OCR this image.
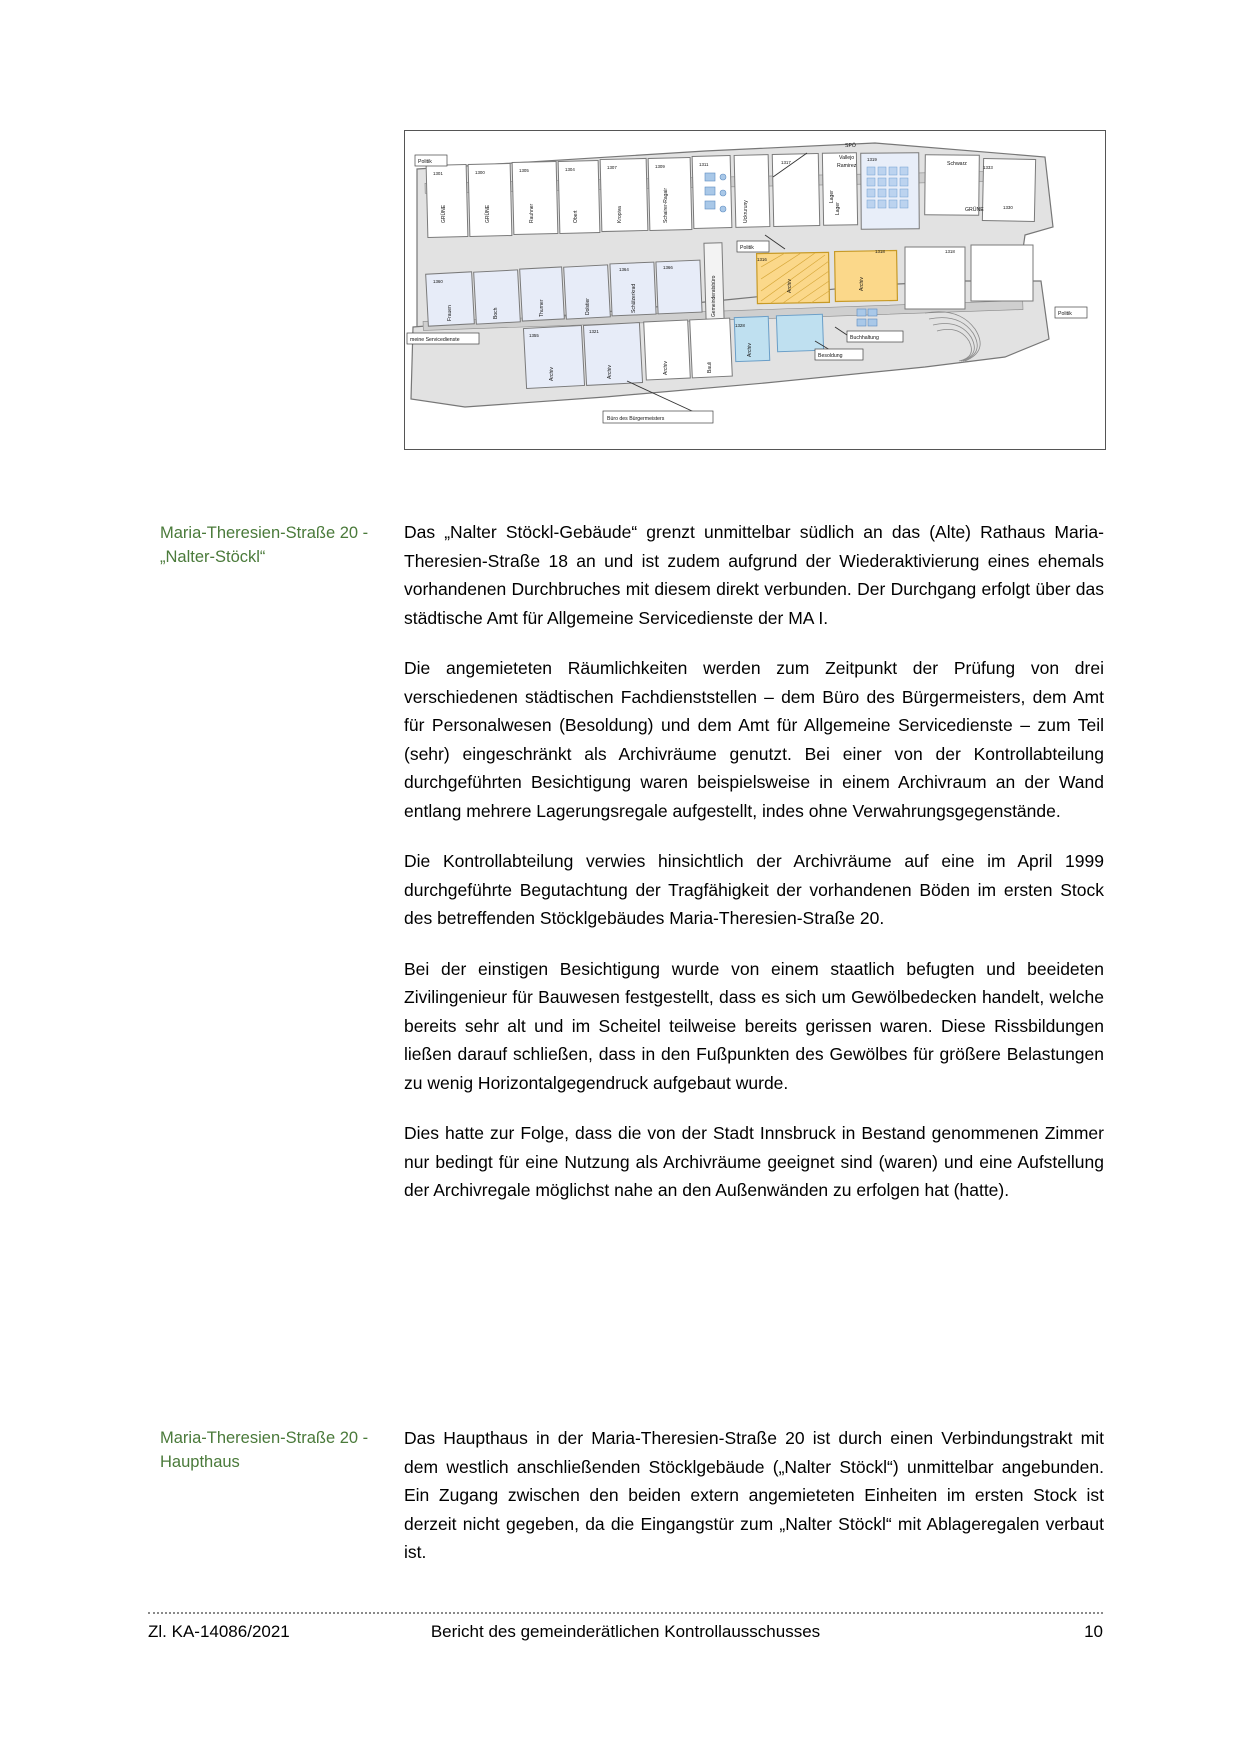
Politik
Politik
Politik
Buchhaltung
Besoldung
meine Servicedienste
Büro des Bürgermeisters
SPÖ
Vallejo
Ramirez	Schwarz
GRÜNE
GRÜNE	GRÜNE	Rauhner	Obert	Kropiva	Schairer-Ragair	Uckruruny	Lager
Frauen	Boch	Thurner	Dolstier	Schülzerkrad	Gemeinderatsbüro	Archiv	Archiv
Archiv	Archiv	Archiv	Bauli
Archiv
Lager
1301	1300	1305	1304	1307	1309	1311	1317
1319
1333
1330
1360
1364	1366
1316
1318	1318
1355
1321
1328
Maria-Theresien-Straße 20 - „Nalter-Stöckl“

Das „Nalter Stöckl-Gebäude“ grenzt unmittelbar südlich an das (Alte) Rathaus Maria-Theresien-Straße 18 an und ist zudem aufgrund der Wiederaktivierung eines ehemals vorhandenen Durchbruches mit diesem direkt verbunden. Der Durchgang erfolgt über das städtische Amt für Allgemeine Servicedienste der MA I.

Die angemieteten Räumlichkeiten werden zum Zeitpunkt der Prüfung von drei verschiedenen städtischen Fachdienststellen – dem Büro des Bürgermeisters, dem Amt für Personalwesen (Besoldung) und dem Amt für Allgemeine Servicedienste – zum Teil (sehr) eingeschränkt als Archivräume genutzt. Bei einer von der Kontrollabteilung durchgeführten Besichtigung waren beispielsweise in einem Archivraum an der Wand entlang mehrere Lagerungsregale aufgestellt, indes ohne Verwahrungsgegenstände.

Die Kontrollabteilung verwies hinsichtlich der Archivräume auf eine im April 1999 durchgeführte Begutachtung der Tragfähigkeit der vorhandenen Böden im ersten Stock des betreffenden Stöcklgebäudes Maria-Theresien-Straße 20.

Bei der einstigen Besichtigung wurde von einem staatlich befugten und beeideten Zivilingenieur für Bauwesen festgestellt, dass es sich um Gewölbedecken handelt, welche bereits sehr alt und im Scheitel teilweise bereits gerissen waren. Diese Rissbildungen ließen darauf schließen, dass in den Fußpunkten des Gewölbes für größere Belastungen zu wenig Horizontalgegendruck aufgebaut wurde.

Dies hatte zur Folge, dass die von der Stadt Innsbruck in Bestand genommenen Zimmer nur bedingt für eine Nutzung als Archivräume geeignet sind (waren) und eine Aufstellung der Archivregale möglichst nahe an den Außenwänden zu erfolgen hat (hatte).

Maria-Theresien-Straße 20 - Haupthaus

Das Haupthaus in der Maria-Theresien-Straße 20 ist durch einen Verbindungstrakt mit dem westlich anschließenden Stöcklgebäude („Nalter Stöckl“) unmittelbar angebunden. Ein Zugang zwischen den beiden extern angemieteten Einheiten im ersten Stock ist derzeit nicht gegeben, da die Eingangstür zum „Nalter Stöckl“ mit Ablageregalen verbaut ist.

Zl. KA-14086/2021	Bericht des gemeinderätlichen Kontrollausschusses	10
